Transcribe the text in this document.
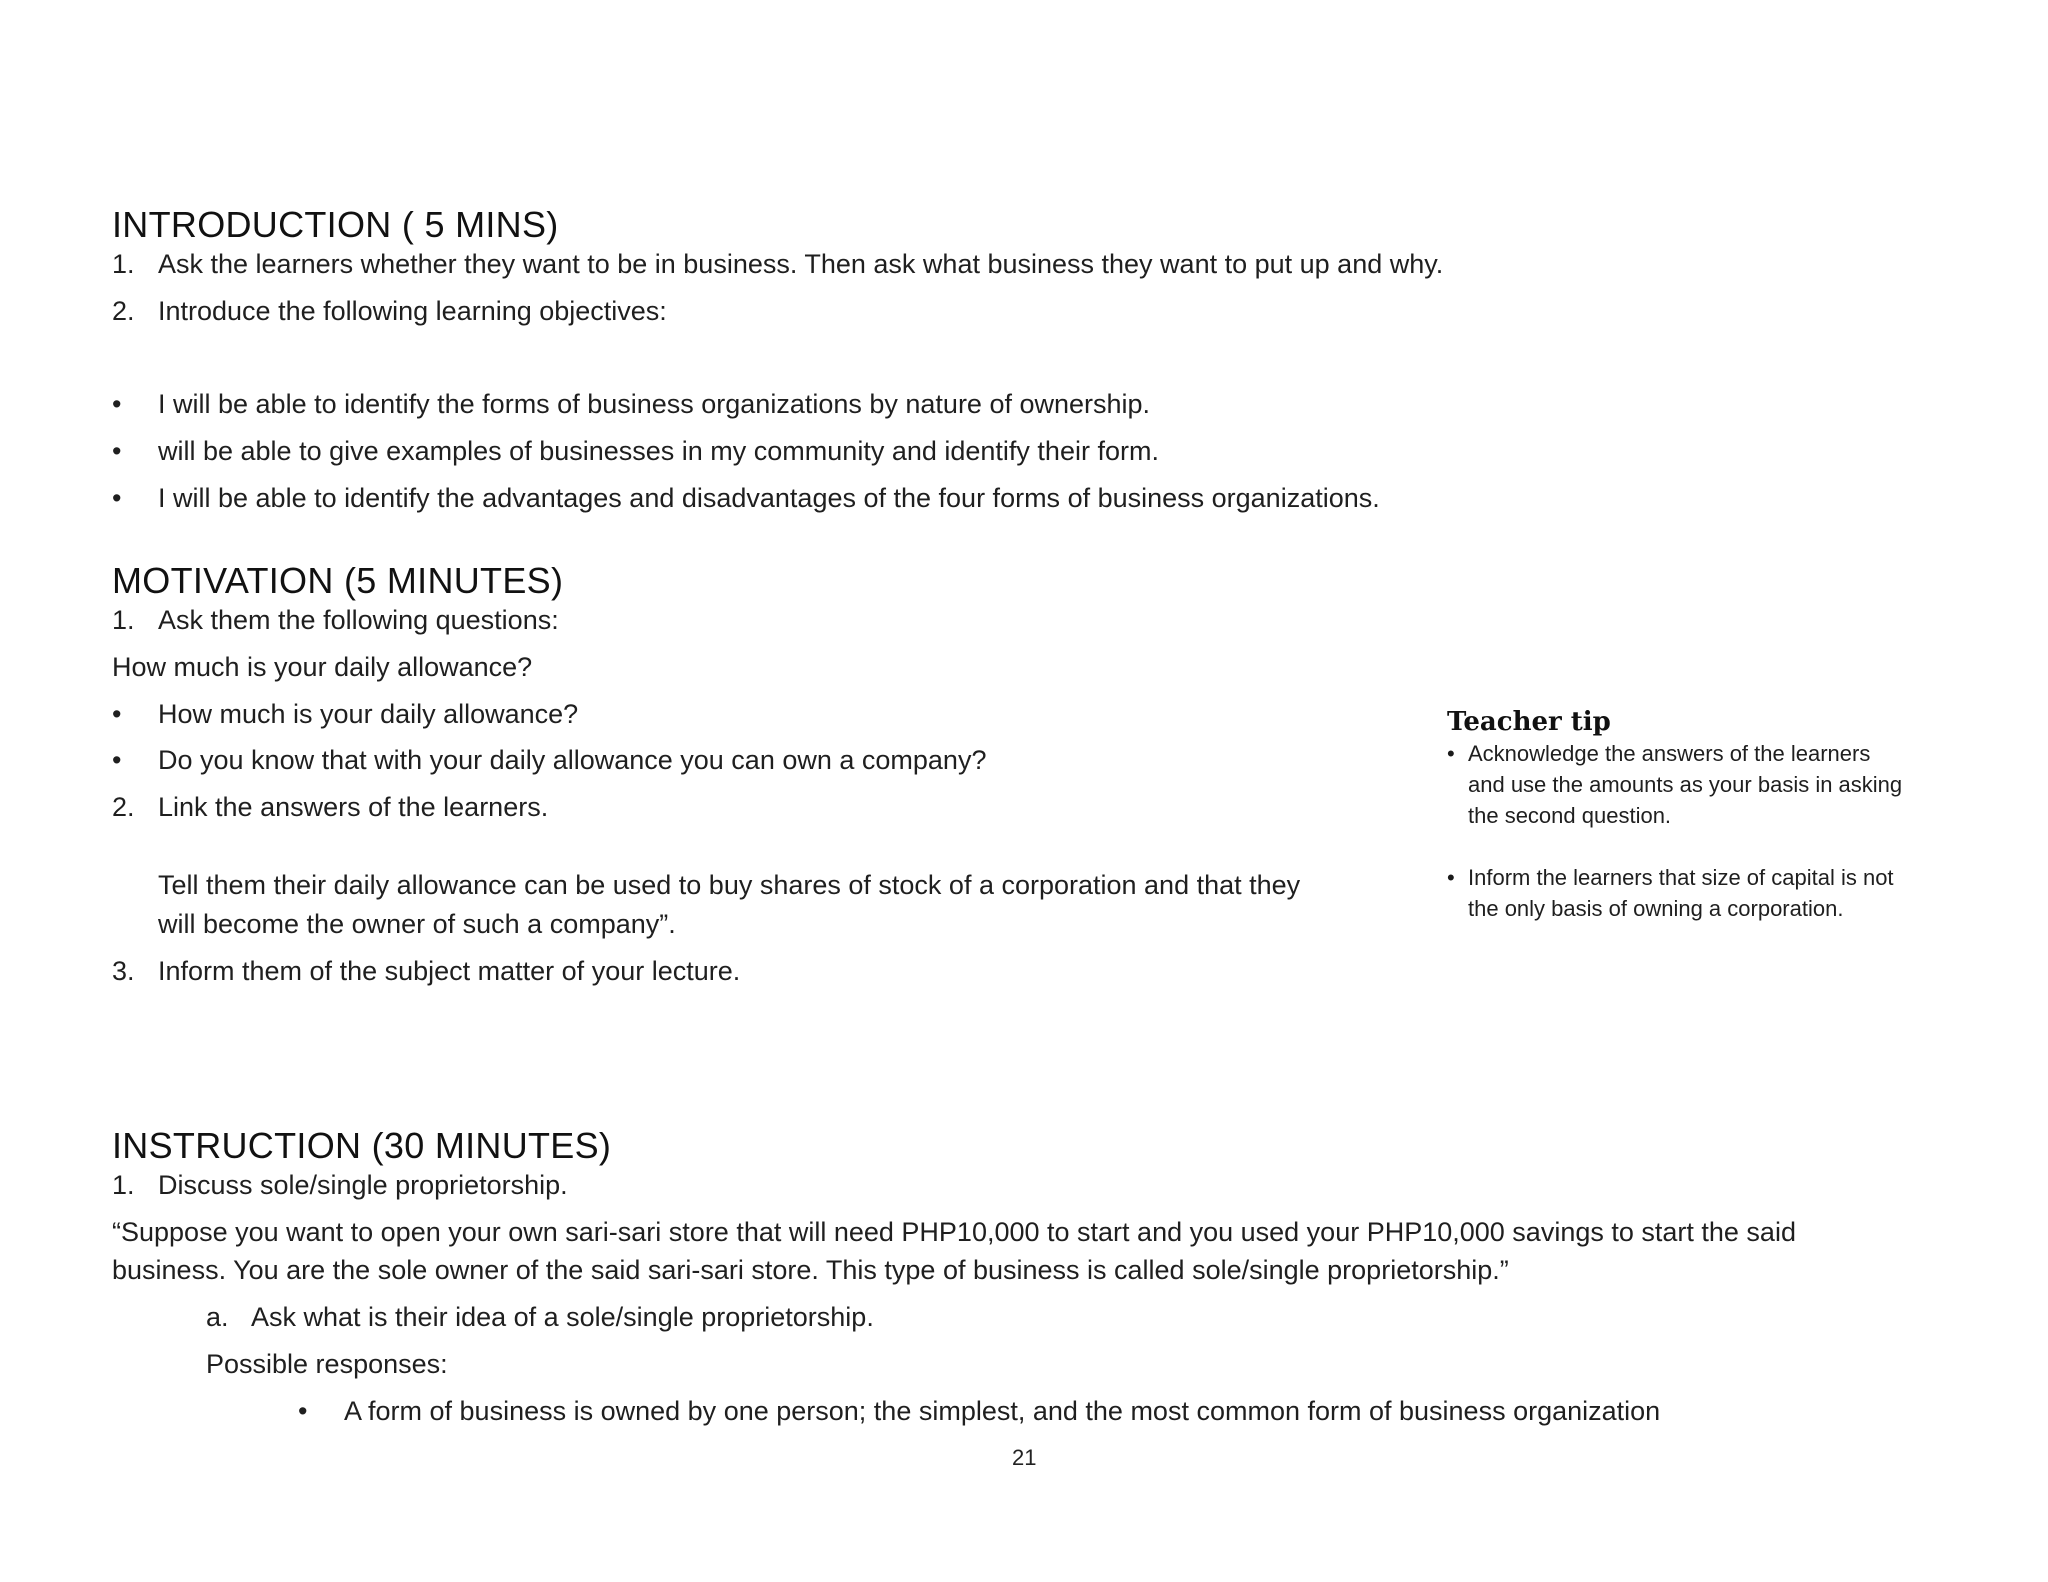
INTRODUCTION ( 5 MINS)
1. Ask the learners whether they want to be in business. Then ask what business they want to put up and why.

2. Introduce the following learning objectives:

• I will be able to identify the forms of business organizations by nature of ownership.

• will be able to give examples of businesses in my community and identify their form.

• I will be able to identify the advantages and disadvantages of the four forms of business organizations.

MOTIVATION (5 MINUTES)
1. Ask them the following questions:

How much is your daily allowance?

• How much is your daily allowance?

• Do you know that with your daily allowance you can own a company?

2. Link the answers of the learners.

Tell them their daily allowance can be used to buy shares of stock of a corporation and that they

will become the owner of such a company”.

3. Inform them of the subject matter of your lecture.

Teacher tip

• Acknowledge the answers of the learners

and use the amounts as your basis in asking

the second question.

• Inform the learners that size of capital is not

the only basis of owning a corporation.

INSTRUCTION (30 MINUTES)
1. Discuss sole/single proprietorship.

“Suppose you want to open your own sari-sari store that will need PHP10,000 to start and you used your PHP10,000 savings to start the said

business. You are the sole owner of the said sari-sari store. This type of business is called sole/single proprietorship.”

a. Ask what is their idea of a sole/single proprietorship.

Possible responses:

• A form of business is owned by one person; the simplest, and the most common form of business organization

21
